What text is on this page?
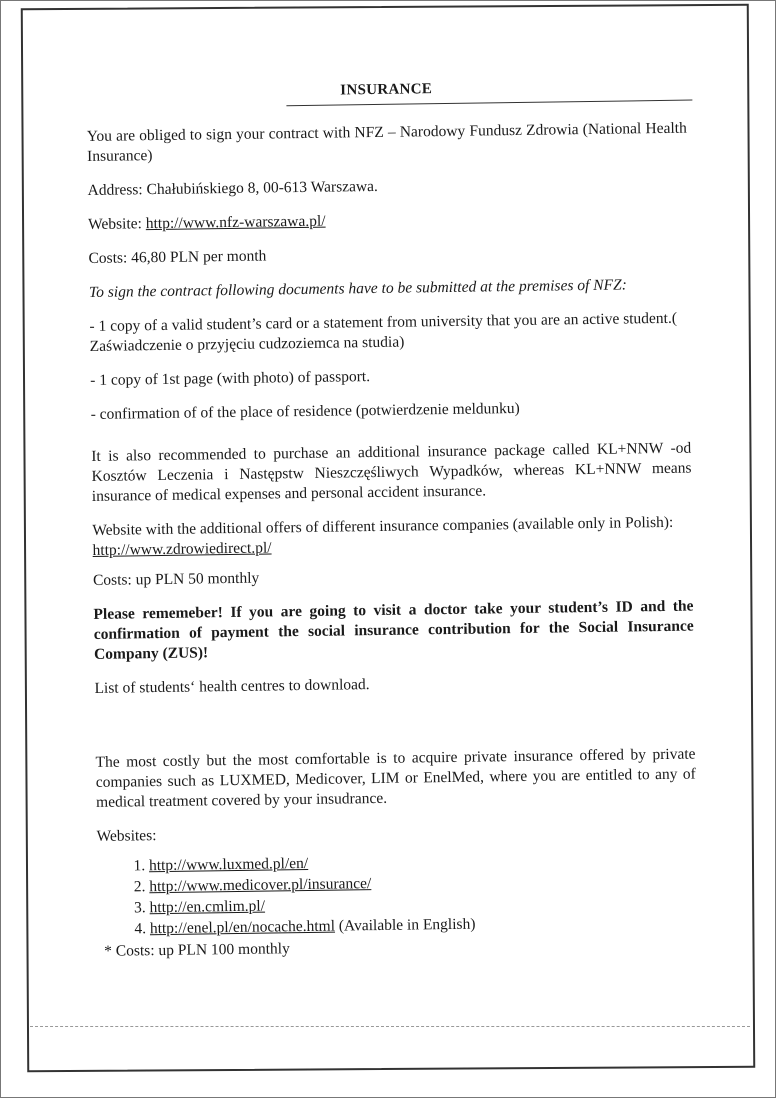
INSURANCE

You are obliged to sign your contract with NFZ – Narodowy Fundusz Zdrowia (National Health Insurance)

Address: Chałubińskiego 8, 00-613 Warszawa.

Website: http://www.nfz-warszawa.pl/

Costs: 46,80 PLN per month

To sign the contract following documents have to be submitted at the premises of NFZ:

- 1 copy of a valid student’s card or a statement from university that you are an active student.( Zaświadczenie o przyjęciu cudzoziemca na studia)

- 1 copy of 1st page (with photo) of passport.

- confirmation of of the place of residence (potwierdzenie meldunku)

It is also recommended to purchase an additional insurance package called KL+NNW -od Kosztów Leczenia i Następstw Nieszczęśliwych Wypadków, whereas KL+NNW means insurance of medical expenses and personal accident insurance.

Website with the additional offers of different insurance companies (available only in Polish):
http://www.zdrowiedirect.pl/

Costs: up PLN 50 monthly

Please rememeber! If you are going to visit a doctor take your student’s ID and the confirmation of payment the social insurance contribution for the Social Insurance Company (ZUS)!

List of students‘ health centres to download.

The most costly but the most comfortable is to acquire private insurance offered by private companies such as LUXMED, Medicover, LIM or EnelMed, where you are entitled to any of medical treatment covered by your insudrance.

Websites:

1. http://www.luxmed.pl/en/
2. http://www.medicover.pl/insurance/
3. http://en.cmlim.pl/
4. http://enel.pl/en/nocache.html (Available in English)
* Costs: up PLN 100 monthly
